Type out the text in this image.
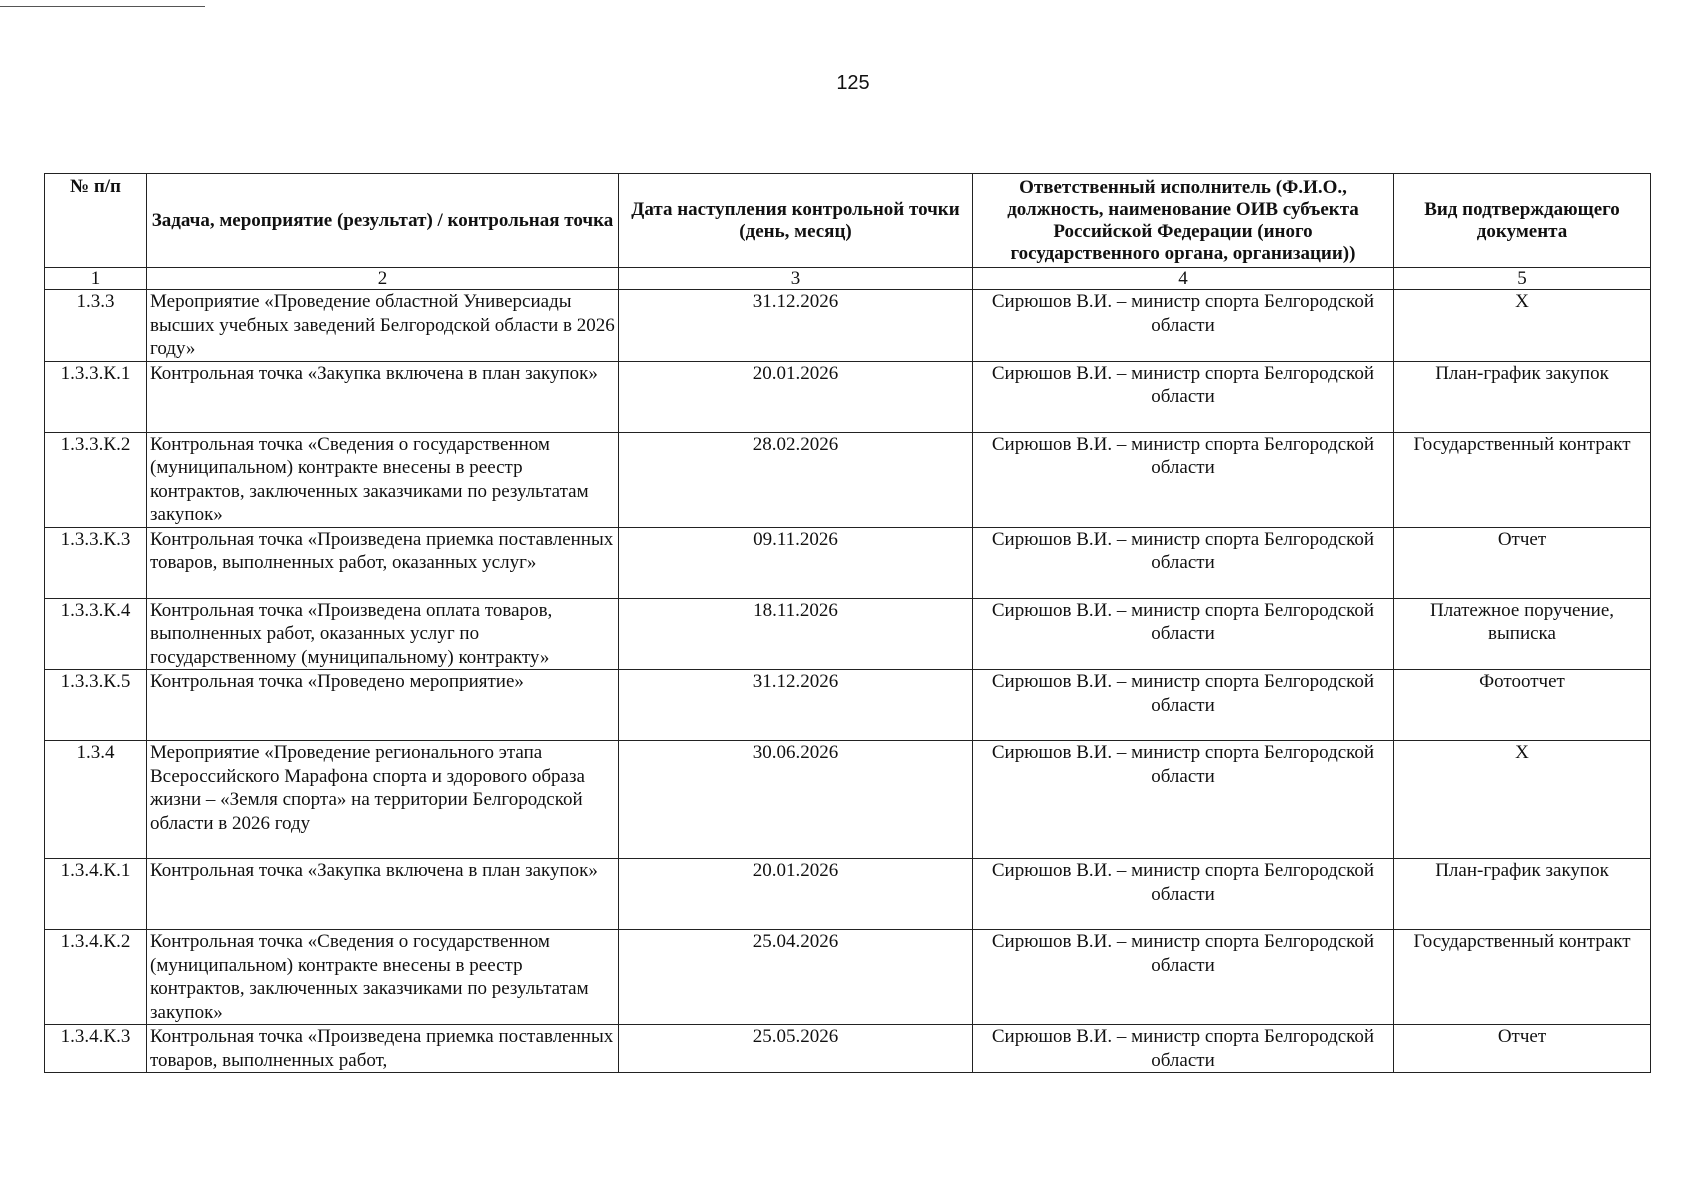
125
№ п/п	Задача, мероприятие (результат) / контрольная точка	Дата наступления контрольной точки (день, месяц)	Ответственный исполнитель (Ф.И.О., должность, наименование ОИВ субъекта Российской Федерации (иного государственного органа, организации))	Вид подтверждающего документа
1	2	3	4	5
1.3.3	Мероприятие «Проведение областной Универсиады высших учебных заведений Белгородской области в 2026 году»	31.12.2026	Сирюшов В.И. – министр спорта Белгородской области	Х
1.3.3.К.1	Контрольная точка «Закупка включена в план закупок»	20.01.2026	Сирюшов В.И. – министр спорта Белгородской области	План-график закупок
1.3.3.К.2	Контрольная точка «Сведения о государственном (муниципальном) контракте внесены в реестр контрактов, заключенных заказчиками по результатам закупок»	28.02.2026	Сирюшов В.И. – министр спорта Белгородской области	Государственный контракт
1.3.3.К.3	Контрольная точка «Произведена приемка поставленных товаров, выполненных работ, оказанных услуг»	09.11.2026	Сирюшов В.И. – министр спорта Белгородской области	Отчет
1.3.3.К.4	Контрольная точка «Произведена оплата товаров, выполненных работ, оказанных услуг по государственному (муниципальному) контракту»	18.11.2026	Сирюшов В.И. – министр спорта Белгородской области	Платежное поручение, выписка
1.3.3.К.5	Контрольная точка «Проведено мероприятие»	31.12.2026	Сирюшов В.И. – министр спорта Белгородской области	Фотоотчет
1.3.4	Мероприятие «Проведение регионального этапа Всероссийского Марафона спорта и здорового образа жизни – «Земля спорта» на территории Белгородской области в 2026 году	30.06.2026	Сирюшов В.И. – министр спорта Белгородской области	Х
1.3.4.К.1	Контрольная точка «Закупка включена в план закупок»	20.01.2026	Сирюшов В.И. – министр спорта Белгородской области	План-график закупок
1.3.4.К.2	Контрольная точка «Сведения о государственном (муниципальном) контракте внесены в реестр контрактов, заключенных заказчиками по результатам закупок»	25.04.2026	Сирюшов В.И. – министр спорта Белгородской области	Государственный контракт
1.3.4.К.3	Контрольная точка «Произведена приемка поставленных товаров, выполненных работ,	25.05.2026	Сирюшов В.И. – министр спорта Белгородской области	Отчет
